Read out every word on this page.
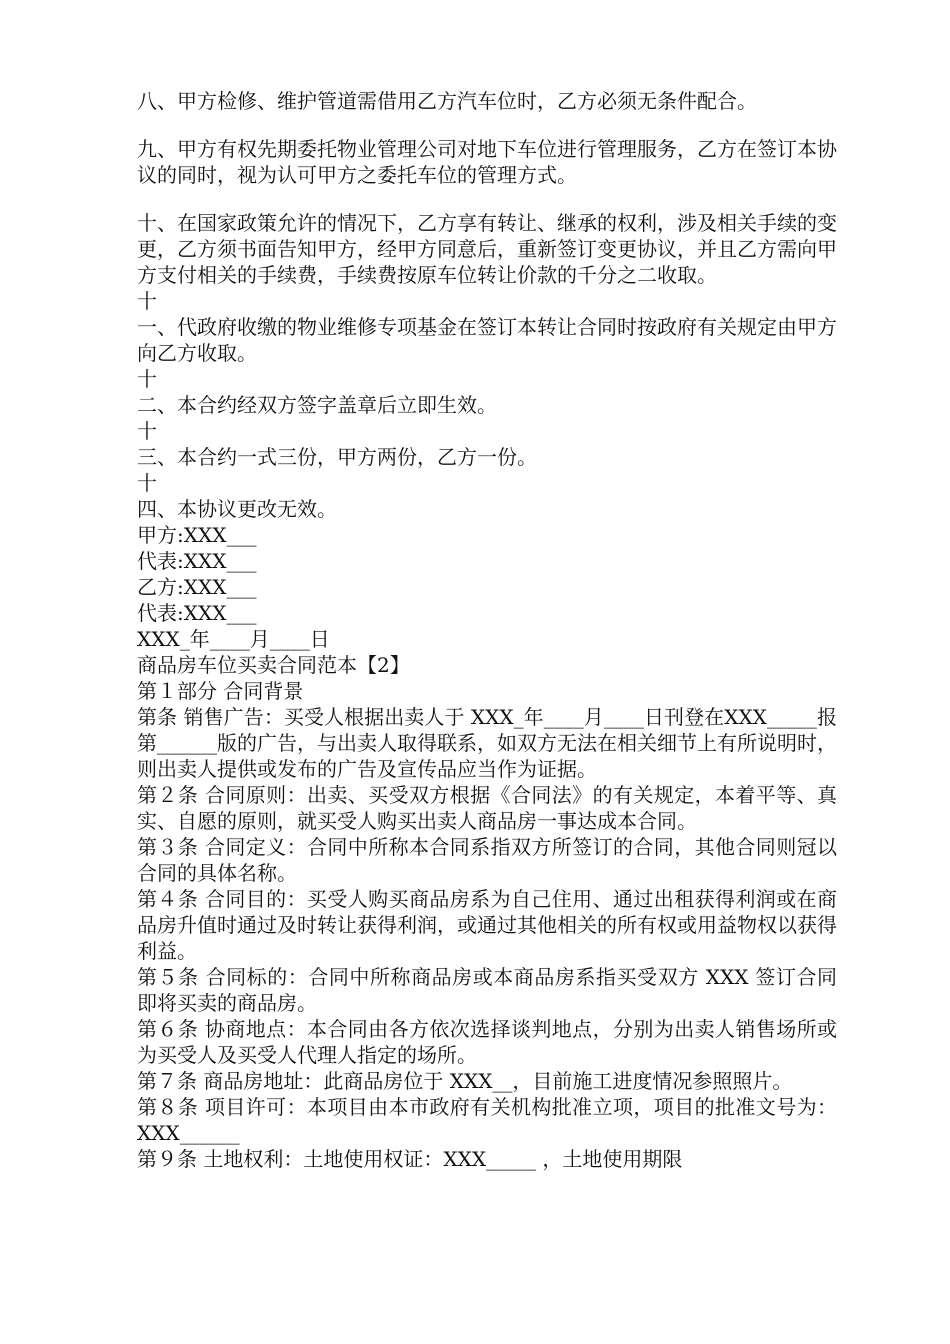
八、甲方检修、维护管道需借用乙方汽车位时，乙方必须无条件配合。

九、甲方有权先期委托物业管理公司对地下车位进行管理服务，乙方在签订本协议的同时，视为认可甲方之委托车位的管理方式。

十、在国家政策允许的情况下，乙方享有转让、继承的权利，涉及相关手续的变更，乙方须书面告知甲方，经甲方同意后，重新签订变更协议，并且乙方需向甲方支付相关的手续费，手续费按原车位转让价款的千分之二收取。

十

一、代政府收缴的物业维修专项基金在签订本转让合同时按政府有关规定由甲方向乙方收取。

十

二、本合约经双方签字盖章后立即生效。

十

三、本合约一式三份，甲方两份，乙方一份。

十

四、本协议更改无效。

甲方:XXX___

代表:XXX___

乙方:XXX___

代表:XXX___

XXX_年____月____日

商品房车位买卖合同范本【2】

第１部分 合同背景

第条 销售广告：买受人根据出卖人于 XXX_年____月____日刊登在XXX_____报第______版的广告，与出卖人取得联系，如双方无法在相关细节上有所说明时，则出卖人提供或发布的广告及宣传品应当作为证据。

第２条 合同原则：出卖、买受双方根据《合同法》的有关规定，本着平等、真实、自愿的原则，就买受人购买出卖人商品房一事达成本合同。

第３条 合同定义：合同中所称本合同系指双方所签订的合同，其他合同则冠以合同的具体名称。

第４条 合同目的：买受人购买商品房系为自己住用、通过出租获得利润或在商品房升值时通过及时转让获得利润，或通过其他相关的所有权或用益物权以获得利益。

第５条 合同标的：合同中所称商品房或本商品房系指买受双方 XXX 签订合同即将买卖的商品房。

第６条 协商地点：本合同由各方依次选择谈判地点，分别为出卖人销售场所或为买受人及买受人代理人指定的场所。

第７条 商品房地址：此商品房位于 XXX__，目前施工进度情况参照照片。

第８条 项目许可：本项目由本市政府有关机构批准立项，项目的批准文号为：XXX______

第９条 土地权利：土地使用权证：XXX_____ ，土地使用期限
